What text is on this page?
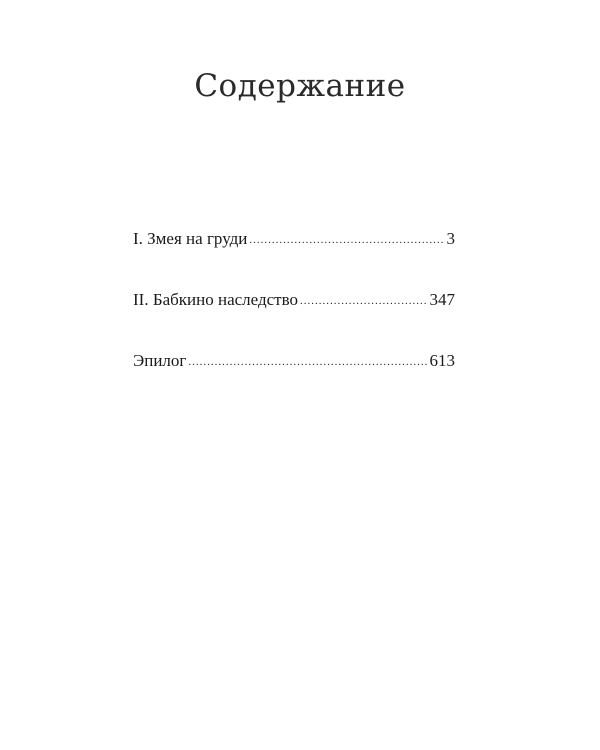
Содержание
I. Змея на груди .....	3
II. Бабкино наследство .....	347
Эпилог .....	613
